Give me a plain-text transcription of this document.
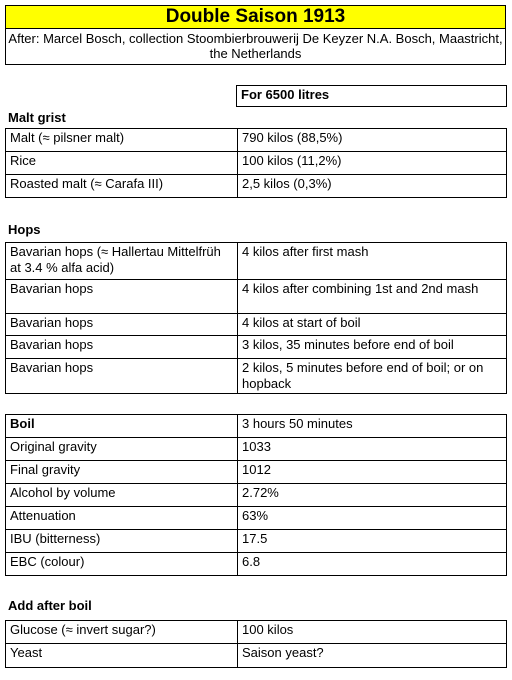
Double Saison 1913
After: Marcel Bosch, collection Stoombierbrouwerij De Keyzer N.A. Bosch, Maastricht, the Netherlands
For 6500 litres
Malt grist
Malt (≈ pilsner malt)	790 kilos (88,5%)
Rice	100 kilos (11,2%)
Roasted malt (≈ Carafa III)	2,5 kilos (0,3%)
Hops
Bavarian hops (≈ Hallertau Mittelfrüh at 3.4 % alfa acid)	4 kilos after first mash
Bavarian hops	4 kilos after combining 1st and 2nd mash
Bavarian hops	4 kilos at start of boil
Bavarian hops	3 kilos, 35 minutes before end of boil
Bavarian hops	2 kilos, 5 minutes before end of boil; or on hopback
Boil	3 hours 50 minutes
Original gravity	1033
Final gravity	1012
Alcohol by volume	2.72%
Attenuation	63%
IBU (bitterness)	17.5
EBC (colour)	6.8
Add after boil
Glucose (≈ invert sugar?)	100 kilos
Yeast	Saison yeast?
